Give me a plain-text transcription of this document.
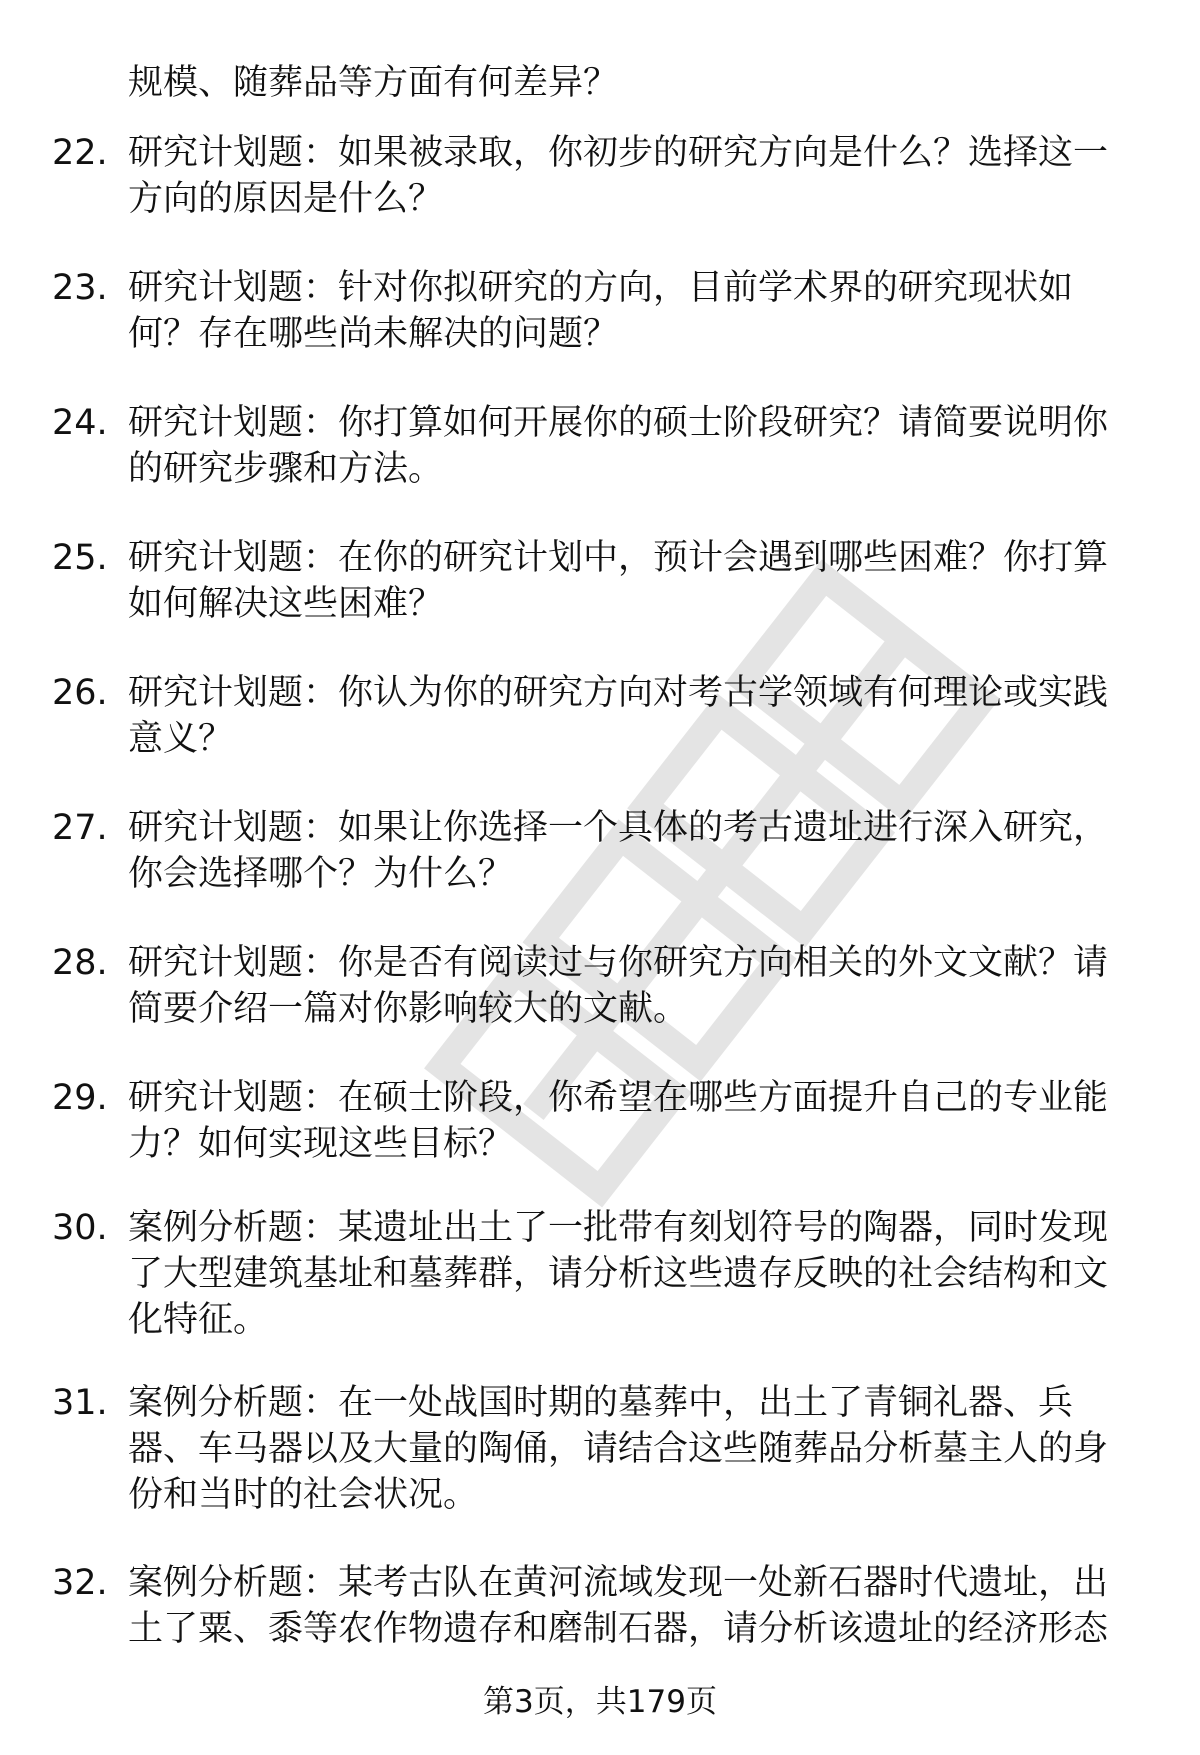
规模、随葬品等方面有何差异？
22. 研究计划题：如果被录取，你初步的研究方向是什么？选择这一方向的原因是什么？
23. 研究计划题：针对你拟研究的方向，目前学术界的研究现状如何？存在哪些尚未解决的问题？
24. 研究计划题：你打算如何开展你的硕士阶段研究？请简要说明你的研究步骤和方法。
25. 研究计划题：在你的研究计划中，预计会遇到哪些困难？你打算如何解决这些困难？
26. 研究计划题：你认为你的研究方向对考古学领域有何理论或实践意义？
27. 研究计划题：如果让你选择一个具体的考古遗址进行深入研究，你会选择哪个？为什么？
28. 研究计划题：你是否有阅读过与你研究方向相关的外文文献？请简要介绍一篇对你影响较大的文献。
29. 研究计划题：在硕士阶段，你希望在哪些方面提升自己的专业能力？如何实现这些目标？
30. 案例分析题：某遗址出土了一批带有刻划符号的陶器，同时发现了大型建筑基址和墓葬群，请分析这些遗存反映的社会结构和文化特征。
31. 案例分析题：在一处战国时期的墓葬中，出土了青铜礼器、兵器、车马器以及大量的陶俑，请结合这些随葬品分析墓主人的身份和当时的社会状况。
32. 案例分析题：某考古队在黄河流域发现一处新石器时代遗址，出土了粟、黍等农作物遗存和磨制石器，请分析该遗址的经济形态
第3页，共179页
